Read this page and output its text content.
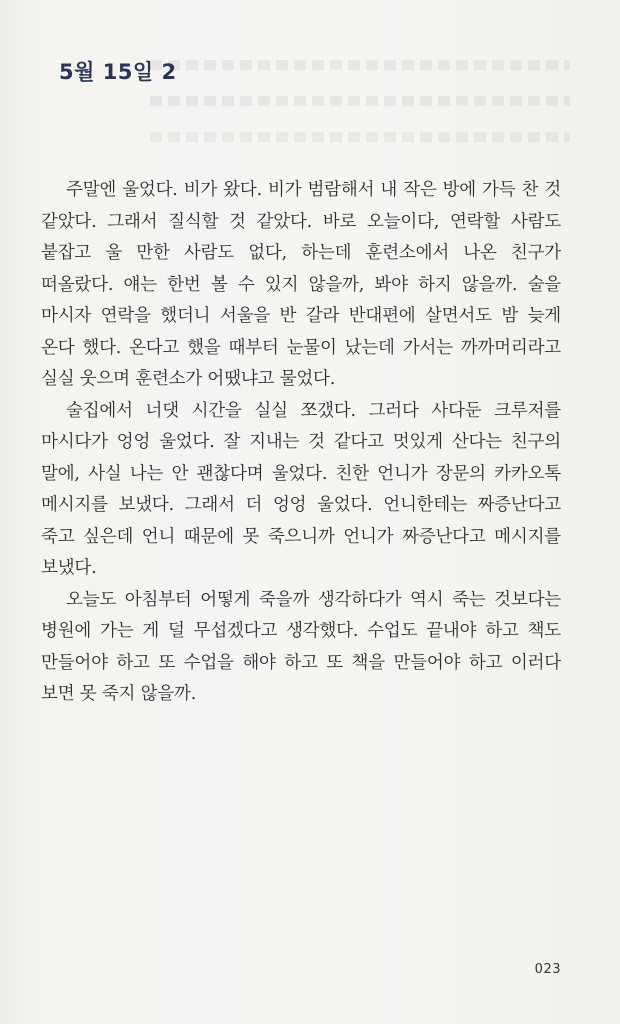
5월 15일 2

주말엔 울었다. 비가 왔다. 비가 범람해서 내 작은 방에 가득 찬 것 같았다. 그래서 질식할 것 같았다. 바로 오늘이다, 연락할 사람도 붙잡고 울 만한 사람도 없다, 하는데 훈련소에서 나온 친구가 떠올랐다. 얘는 한번 볼 수 있지 않을까, 봐야 하지 않을까. 술을 마시자 연락을 했더니 서울을 반 갈라 반대편에 살면서도 밤 늦게 온다 했다. 온다고 했을 때부터 눈물이 났는데 가서는 까까머리라고 실실 웃으며 훈련소가 어땠냐고 물었다.

술집에서 너댓 시간을 실실 쪼갰다. 그러다 사다둔 크루저를 마시다가 엉엉 울었다. 잘 지내는 것 같다고 멋있게 산다는 친구의 말에, 사실 나는 안 괜찮다며 울었다. 친한 언니가 장문의 카카오톡 메시지를 보냈다. 그래서 더 엉엉 울었다. 언니한테는 짜증난다고 죽고 싶은데 언니 때문에 못 죽으니까 언니가 짜증난다고 메시지를 보냈다.

오늘도 아침부터 어떻게 죽을까 생각하다가 역시 죽는 것보다는 병원에 가는 게 덜 무섭겠다고 생각했다. 수업도 끝내야 하고 책도 만들어야 하고 또 수업을 해야 하고 또 책을 만들어야 하고 이러다 보면 못 죽지 않을까.

023
